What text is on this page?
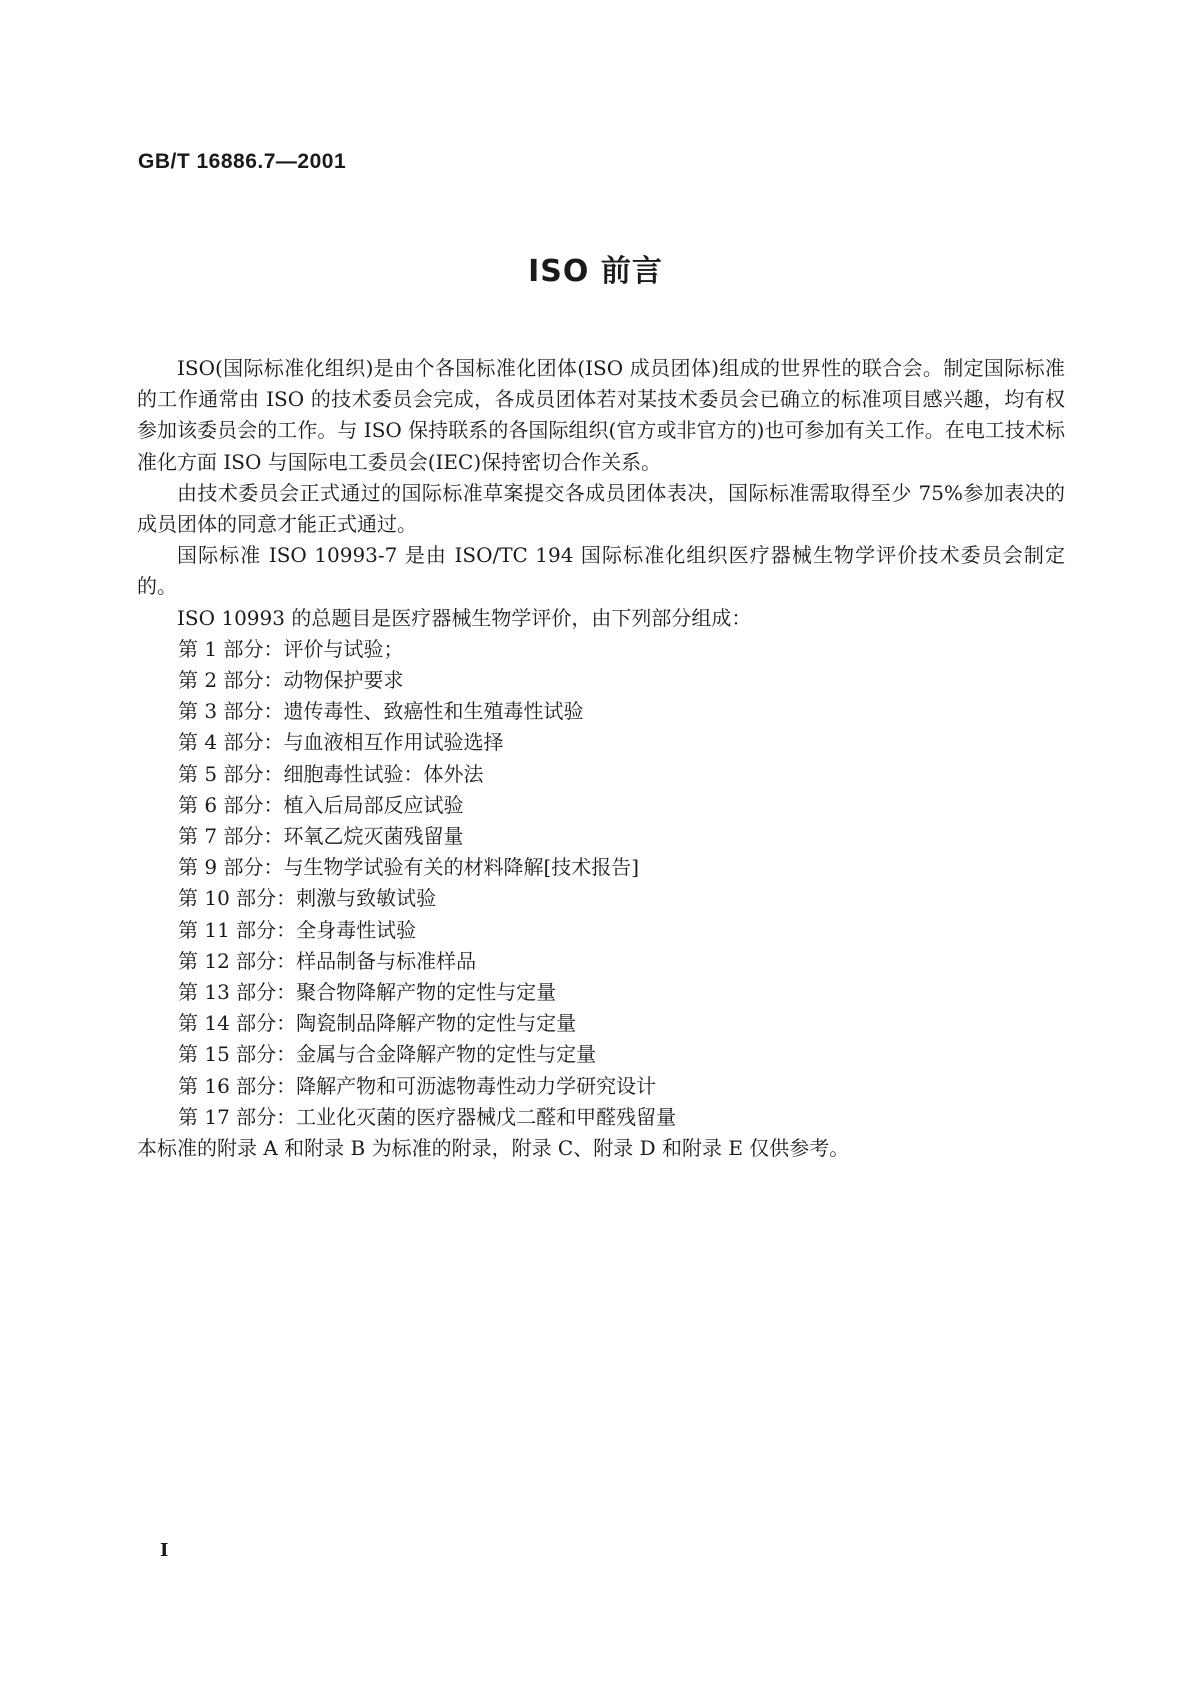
GB/T 16886.7—2001
ISO 前言

ISO(国际标准化组织)是由个各国标准化团体(ISO 成员团体)组成的世界性的联合会。制定国际标准的工作通常由 ISO 的技术委员会完成，各成员团体若对某技术委员会已确立的标准项目感兴趣，均有权参加该委员会的工作。与 ISO 保持联系的各国际组织(官方或非官方的)也可参加有关工作。在电工技术标准化方面 ISO 与国际电工委员会(IEC)保持密切合作关系。

由技术委员会正式通过的国际标准草案提交各成员团体表决，国际标准需取得至少 75%参加表决的成员团体的同意才能正式通过。

国际标准 ISO 10993-7 是由 ISO/TC 194 国际标准化组织医疗器械生物学评价技术委员会制定的。

ISO 10993 的总题目是医疗器械生物学评价，由下列部分组成：

第 1 部分：评价与试验；
第 2 部分：动物保护要求
第 3 部分：遗传毒性、致癌性和生殖毒性试验
第 4 部分：与血液相互作用试验选择
第 5 部分：细胞毒性试验：体外法
第 6 部分：植入后局部反应试验
第 7 部分：环氧乙烷灭菌残留量
第 9 部分：与生物学试验有关的材料降解[技术报告]
第 10 部分：刺激与致敏试验
第 11 部分：全身毒性试验
第 12 部分：样品制备与标准样品
第 13 部分：聚合物降解产物的定性与定量
第 14 部分：陶瓷制品降解产物的定性与定量
第 15 部分：金属与合金降解产物的定性与定量
第 16 部分：降解产物和可沥滤物毒性动力学研究设计
第 17 部分：工业化灭菌的医疗器械戊二醛和甲醛残留量

本标准的附录 A 和附录 B 为标准的附录，附录 C、附录 D 和附录 E 仅供参考。

Ⅰ
